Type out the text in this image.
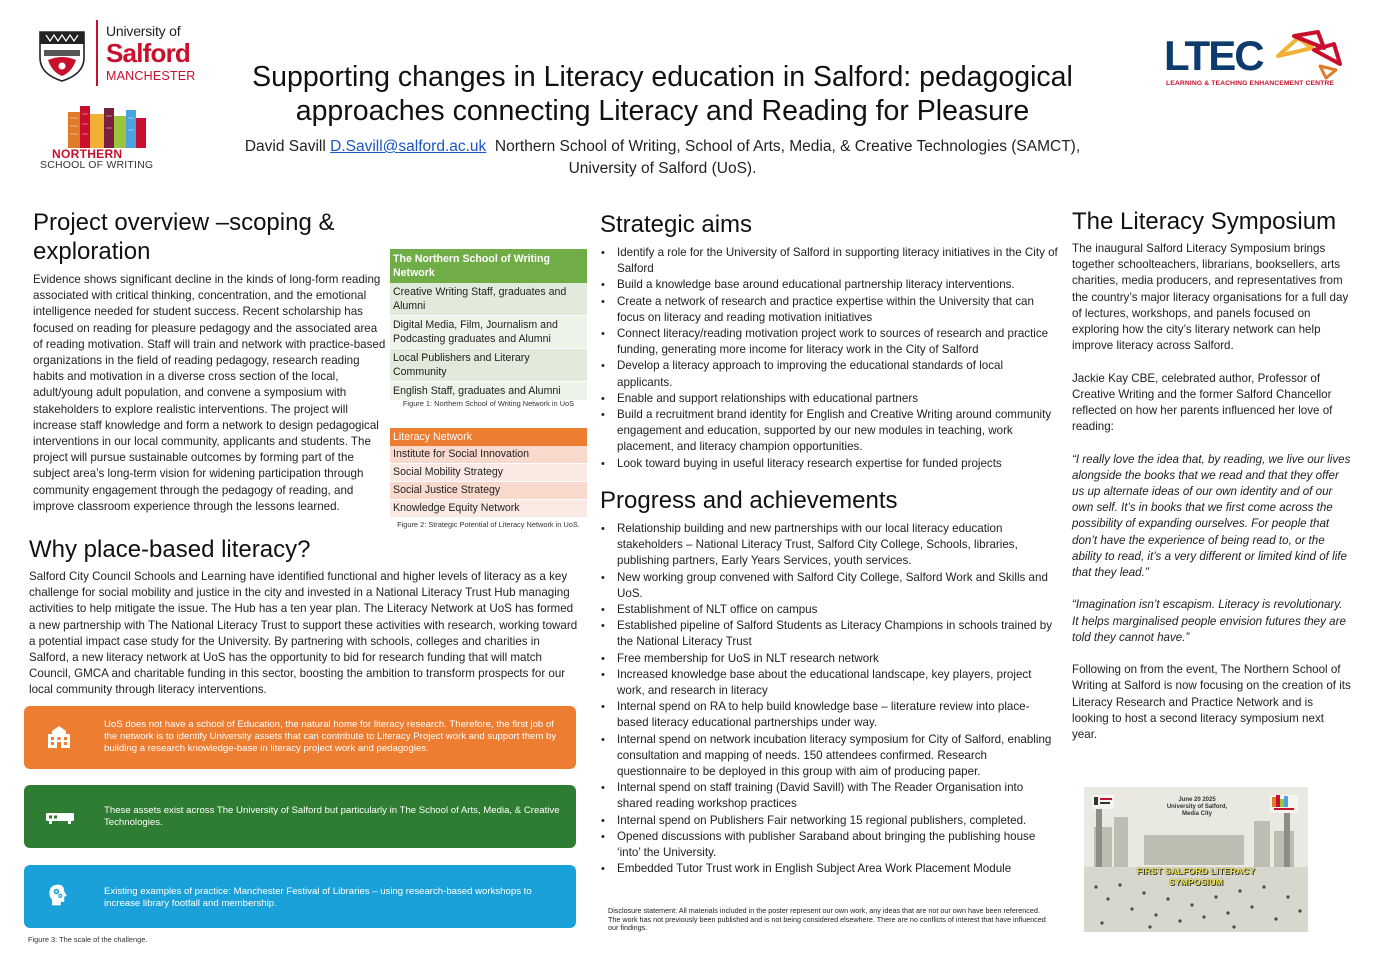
University of
Salford
MANCHESTER
NORTHERN
SCHOOL OF WRITING
LTEC
LEARNING & TEACHING ENHANCEMENT CENTRE
Supporting changes in Literacy education in Salford: pedagogical
approaches connecting Literacy and Reading for Pleasure
David Savill D.Savill@salford.ac.uk Northern School of Writing, School of Arts, Media, & Creative Technologies (SAMCT),
University of Salford (UoS).
Project overview –scoping & exploration
Evidence shows significant decline in the kinds of long-form reading associated with critical thinking, concentration, and the emotional intelligence needed for student success. Recent scholarship has focused on reading for pleasure pedagogy and the associated area of reading motivation. Staff will train and network with practice-based organizations in the field of reading pedagogy, research reading habits and motivation in a diverse cross section of the local, adult/young adult population, and convene a symposium with stakeholders to explore realistic interventions. The project will increase staff knowledge and form a network to design pedagogical interventions in our local community, applicants and students. The project will pursue sustainable outcomes by forming part of the subject area’s long-term vision for widening participation through community engagement through the pedagogy of reading, and improve classroom experience through the lessons learned.
The Northern School of Writing Network
Creative Writing Staff, graduates and Alumni
Digital Media, Film, Journalism and Podcasting graduates and Alumni
Local Publishers and Literary Community
English Staff, graduates and Alumni
Figure 1: Northern School of Writing Network in UoS
Literacy Network
Institute for Social Innovation
Social Mobility Strategy
Social Justice Strategy
Knowledge Equity Network
Figure 2: Strategic Potential of Literacy Network in UoS.
Why place-based literacy?
Salford City Council Schools and Learning have identified functional and higher levels of literacy as a key challenge for social mobility and justice in the city and invested in a National Literacy Trust Hub managing activities to help mitigate the issue. The Hub has a ten year plan. The Literacy Network at UoS has formed a new partnership with The National Literacy Trust to support these activities with research, working toward a potential impact case study for the University. By partnering with schools, colleges and charities in Salford, a new literacy network at UoS has the opportunity to bid for research funding that will match Council, GMCA and charitable funding in this sector, boosting the ambition to transform prospects for our local community through literacy interventions.
UoS does not have a school of Education, the natural home for literacy research. Therefore, the first job of the network is to identify University assets that can contribute to Literacy Project work and support them by building a research knowledge-base in literacy project work and pedagogies.
These assets exist across The University of Salford but particularly in The School of Arts, Media, & Creative Technologies.
Existing examples of practice: Manchester Festival of Libraries – using research-based workshops to increase library footfall and membership.
Figure 3: The scale of the challenge.
Strategic aims
• Identify a role for the University of Salford in supporting literacy initiatives in the City of Salford
• Build a knowledge base around educational partnership literacy interventions.
• Create a network of research and practice expertise within the University that can focus on literacy and reading motivation initiatives
• Connect literacy/reading motivation project work to sources of research and practice funding, generating more income for literacy work in the City of Salford
• Develop a literacy approach to improving the educational standards of local applicants.
• Enable and support relationships with educational partners
• Build a recruitment brand identity for English and Creative Writing around community engagement and education, supported by our new modules in teaching, work placement, and literacy champion opportunities.
• Look toward buying in useful literacy research expertise for funded projects
Progress and achievements
• Relationship building and new partnerships with our local literacy education stakeholders – National Literacy Trust, Salford City College, Schools, libraries, publishing partners, Early Years Services, youth services.
• New working group convened with Salford City College, Salford Work and Skills and UoS.
• Establishment of NLT office on campus
• Established pipeline of Salford Students as Literacy Champions in schools trained by the National Literacy Trust
• Free membership for UoS in NLT research network
• Increased knowledge base about the educational landscape, key players, project work, and research in literacy
• Internal spend on RA to help build knowledge base – literature review into place-based literacy educational partnerships under way.
• Internal spend on network incubation literacy symposium for City of Salford, enabling consultation and mapping of needs. 150 attendees confirmed. Research questionnaire to be deployed in this group with aim of producing paper.
• Internal spend on staff training (David Savill) with The Reader Organisation into shared reading workshop practices
• Internal spend on Publishers Fair networking 15 regional publishers, completed.
• Opened discussions with publisher Saraband about bringing the publishing house ‘into’ the University.
• Embedded Tutor Trust work in English Subject Area Work Placement Module
Disclosure statement: All materials included in the poster represent our own work, any ideas that are not our own have been referenced. The work has not previously been published and is not being considered elsewhere. There are no conflicts of interest that have influenced our findings.
The Literacy Symposium

The inaugural Salford Literacy Symposium brings together schoolteachers, librarians, booksellers, arts charities, media producers, and representatives from the country’s major literacy organisations for a full day of lectures, workshops, and panels focused on exploring how the city’s literary network can help improve literacy across Salford.

Jackie Kay CBE, celebrated author, Professor of Creative Writing and the former Salford Chancellor reflected on how her parents influenced her love of reading:

“I really love the idea that, by reading, we live our lives alongside the books that we read and that they offer us up alternate ideas of our own identity and of our own self. It’s in books that we first come across the possibility of expanding ourselves. For people that don’t have the experience of being read to, or the ability to read, it’s a very different or limited kind of life that they lead.”

“Imagination isn’t escapism. Literacy is revolutionary. It helps marginalised people envision futures they are told they cannot have.”

Following on from the event, The Northern School of Writing at Salford is now focusing on the creation of its Literacy Research and Practice Network and is looking to host a second literacy symposium next year.

June 20 2025 University of Salford, Media City
FIRST SALFORD LITERACY SYMPOSIUM
